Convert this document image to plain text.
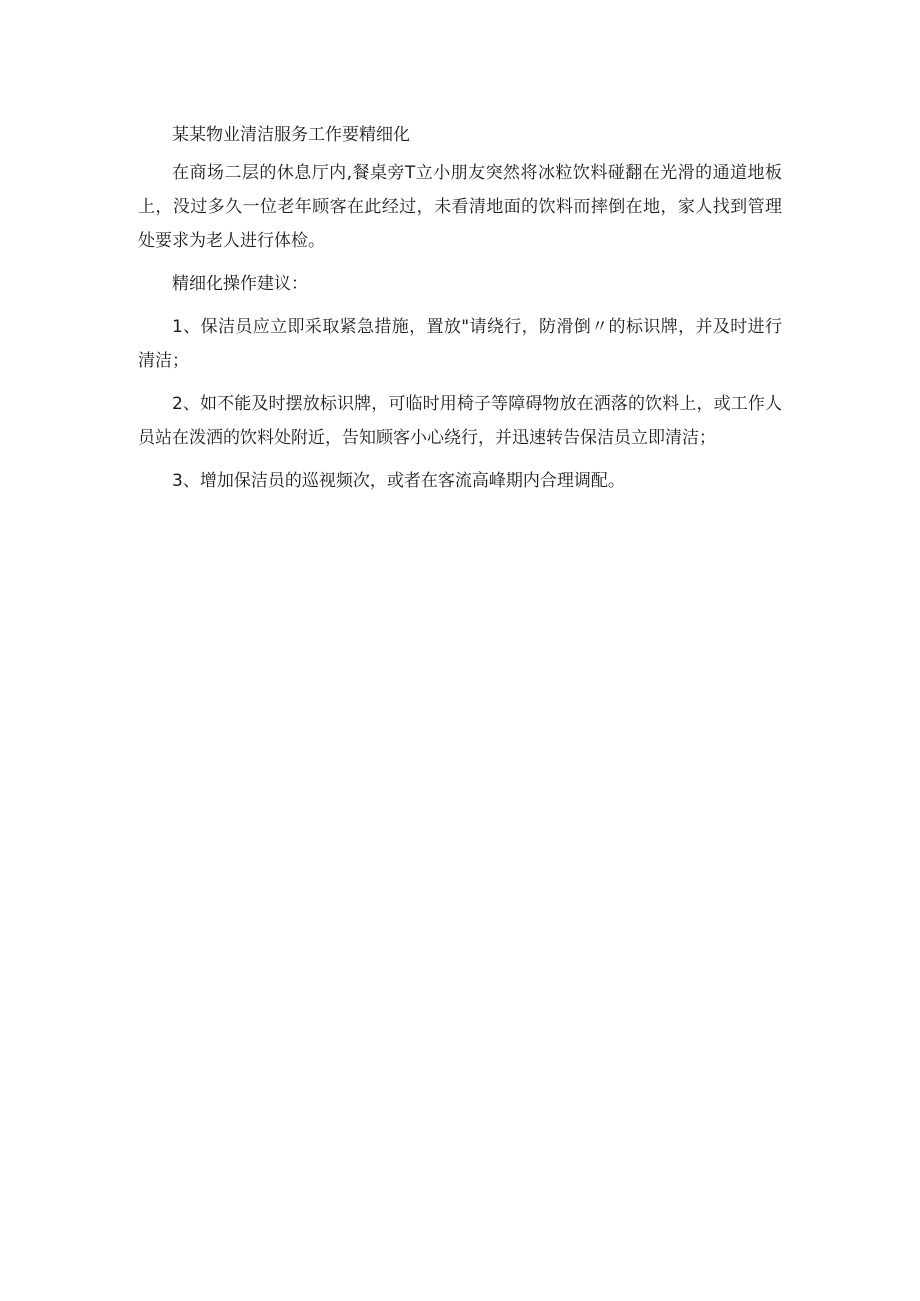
某某物业清洁服务工作要精细化

在商场二层的休息厅内,餐桌旁T立小朋友突然将冰粒饮料碰翻在光滑的通道地板上，没过多久一位老年顾客在此经过，未看清地面的饮料而摔倒在地，家人找到管理处要求为老人进行体检。

精细化操作建议：

1、保洁员应立即采取紧急措施，置放"请绕行，防滑倒〃的标识牌，并及时进行清洁；

2、如不能及时摆放标识牌，可临时用椅子等障碍物放在洒落的饮料上，或工作人员站在泼洒的饮料处附近，告知顾客小心绕行，并迅速转告保洁员立即清洁；

3、增加保洁员的巡视频次，或者在客流高峰期内合理调配。
